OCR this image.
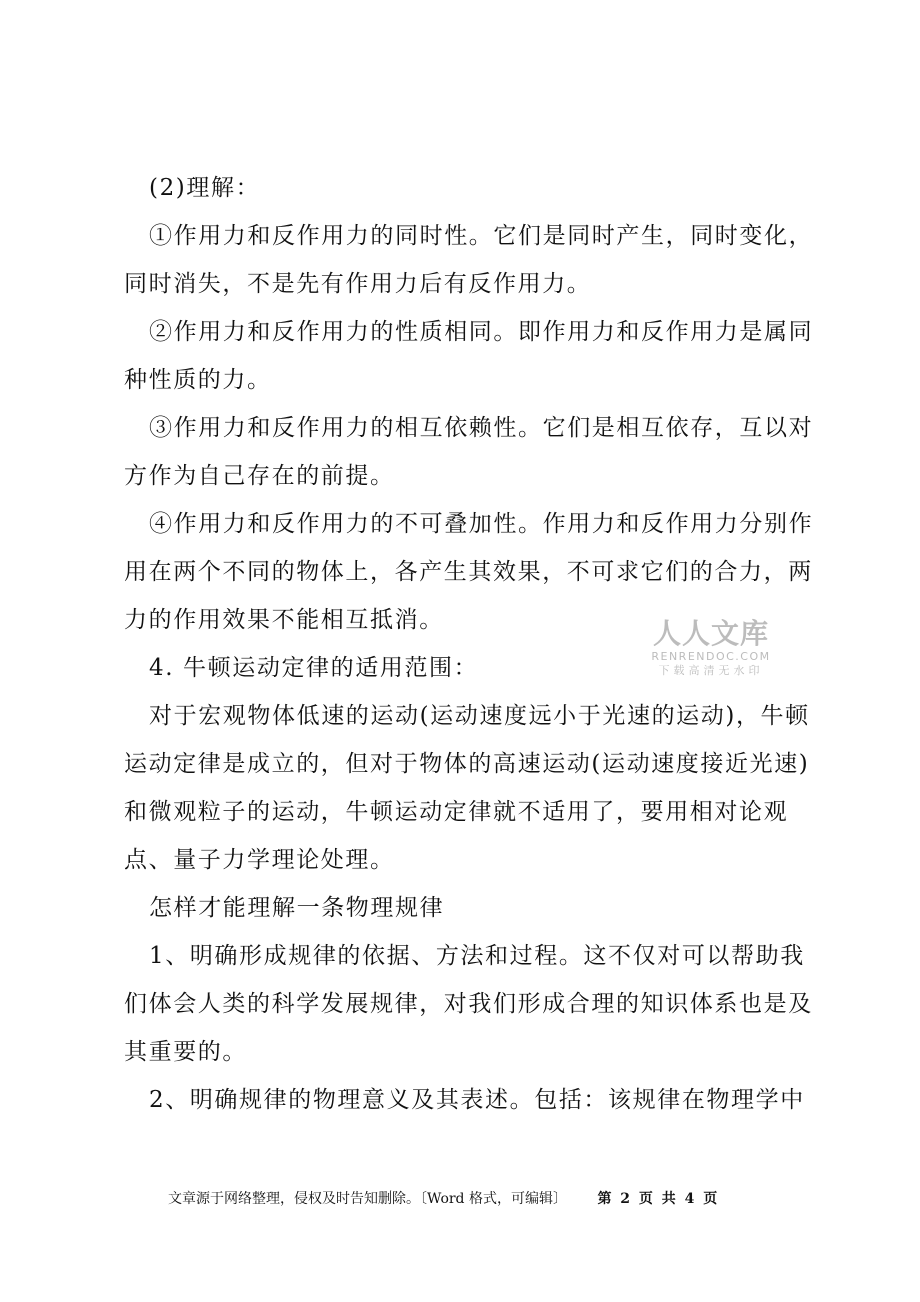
(2)理解：

①作用力和反作用力的同时性。它们是同时产生，同时变化，同时消失，不是先有作用力后有反作用力。

②作用力和反作用力的性质相同。即作用力和反作用力是属同种性质的力。

③作用力和反作用力的相互依赖性。它们是相互依存，互以对方作为自己存在的前提。

④作用力和反作用力的不可叠加性。作用力和反作用力分别作用在两个不同的物体上，各产生其效果，不可求它们的合力，两力的作用效果不能相互抵消。

4. 牛顿运动定律的适用范围：

对于宏观物体低速的运动(运动速度远小于光速的运动)，牛顿运动定律是成立的，但对于物体的高速运动(运动速度接近光速)和微观粒子的运动，牛顿运动定律就不适用了，要用相对论观点、量子力学理论处理。

怎样才能理解一条物理规律

1、明确形成规律的依据、方法和过程。这不仅对可以帮助我们体会人类的科学发展规律，对我们形成合理的知识体系也是及其重要的。

2、明确规律的物理意义及其表述。包括：该规律在物理学中

人人文库
RENRENDOC.COM
下载高清无水印
文章源于网络整理，侵权及时告知删除。〔Word 格式，可编辑〕 第 2 页 共 4 页
